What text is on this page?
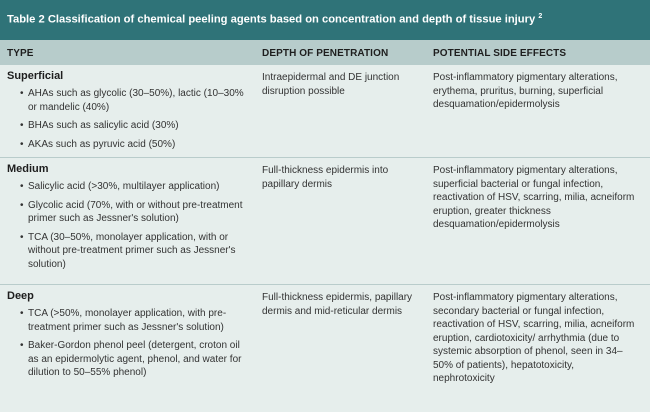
Table 2 Classification of chemical peeling agents based on concentration and depth of tissue injury $^2$
TYPE	DEPTH OF PENETRATION	POTENTIAL SIDE EFFECTS
Superficial
• AHAs such as glycolic (30–50%), lactic (10–30% or mandelic (40%)
• BHAs such as salicylic acid (30%)
• AKAs such as pyruvic acid (50%)
Intraepidermal and DE junction disruption possible
Post-inflammatory pigmentary alterations, erythema, pruritus, burning, superficial desquamation/epidermolysis
Medium
• Salicylic acid (>30%, multilayer application)
• Glycolic acid (70%, with or without pre-treatment primer such as Jessner's solution)
• TCA (30–50%, monolayer application, with or without pre-treatment primer such as Jessner's solution)
Full-thickness epidermis into papillary dermis
Post-inflammatory pigmentary alterations, superficial bacterial or fungal infection, reactivation of HSV, scarring, milia, acneiform eruption, greater thickness desquamation/epidermolysis
Deep
• TCA (>50%, monolayer application, with pre-treatment primer such as Jessner's solution)
• Baker-Gordon phenol peel (detergent, croton oil as an epidermolytic agent, phenol, and water for dilution to 50–55% phenol)
Full-thickness epidermis, papillary dermis and mid-reticular dermis
Post-inflammatory pigmentary alterations, secondary bacterial or fungal infection, reactivation of HSV, scarring, milia, acneiform eruption, cardiotoxicity/ arrhythmia (due to systemic absorption of phenol, seen in 34–50% of patients), hepatotoxicity, nephrotoxicity
